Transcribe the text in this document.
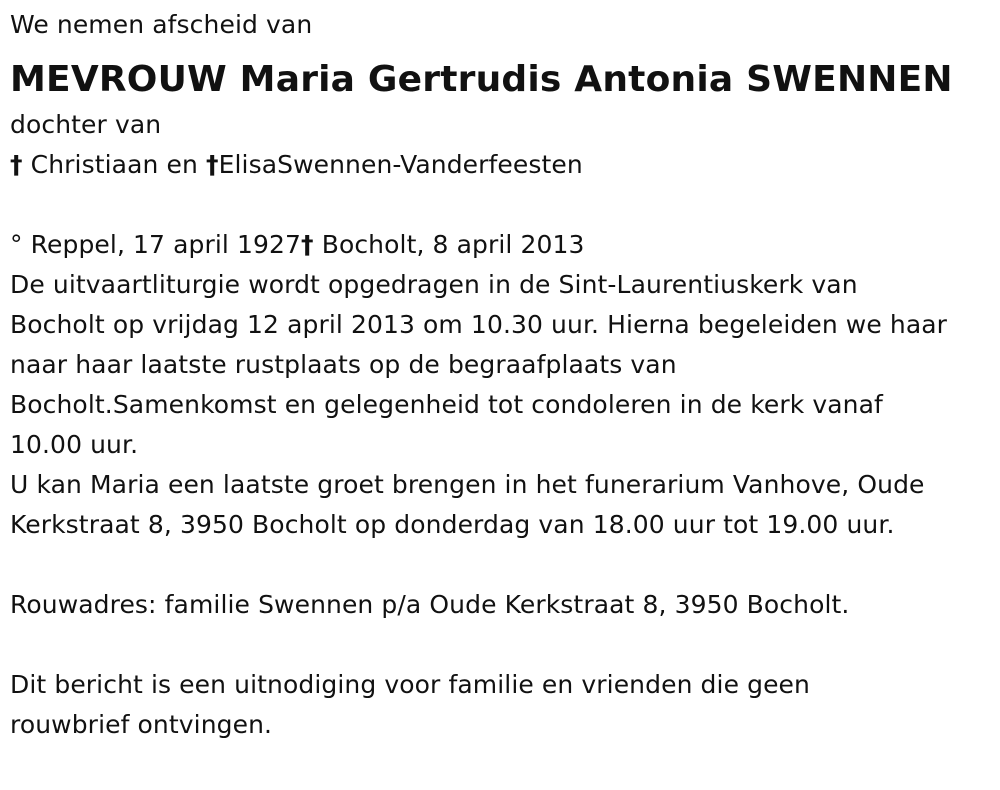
We nemen afscheid van
MEVROUW Maria Gertrudis Antonia SWENNEN
dochter van
† Christiaan en †ElisaSwennen-Vanderfeesten
° Reppel, 17 april 1927† Bocholt, 8 april 2013
De uitvaartliturgie wordt opgedragen in de Sint-Laurentiuskerk van
Bocholt op vrijdag 12 april 2013 om 10.30 uur. Hierna begeleiden we haar
naar haar laatste rustplaats op de begraafplaats van
Bocholt.Samenkomst en gelegenheid tot condoleren in de kerk vanaf
10.00 uur.
U kan Maria een laatste groet brengen in het funerarium Vanhove, Oude
Kerkstraat 8, 3950 Bocholt op donderdag van 18.00 uur tot 19.00 uur.
Rouwadres: familie Swennen p/a Oude Kerkstraat 8, 3950 Bocholt.
Dit bericht is een uitnodiging voor familie en vrienden die geen
rouwbrief ontvingen.
